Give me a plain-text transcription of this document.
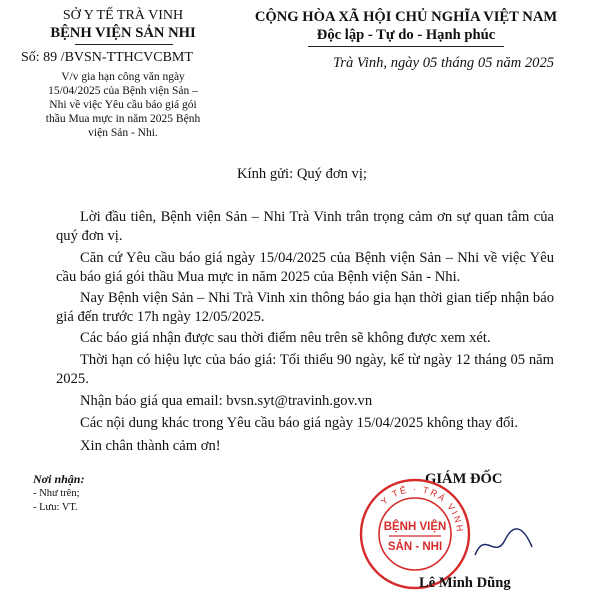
SỞ Y TẾ TRÀ VINH
BỆNH VIỆN SẢN NHI
Số: 89 /BVSN-TTHCVCBMT
V/v gia hạn công văn ngày
15/04/2025 của Bệnh viện Sản –
Nhi về việc Yêu cầu báo giá gói
thầu Mua mực in năm 2025 Bệnh
viện Sản - Nhi.
CỘNG HÒA XÃ HỘI CHỦ NGHĨA VIỆT NAM
Độc lập - Tự do - Hạnh phúc
Trà Vinh, ngày 05 tháng 05 năm 2025
Kính gửi: Quý đơn vị;
Lời đầu tiên, Bệnh viện Sản – Nhi Trà Vinh trân trọng cảm ơn sự quan tâm của quý đơn vị.
Căn cứ Yêu cầu báo giá ngày 15/04/2025 của Bệnh viện Sản – Nhi về việc Yêu cầu báo giá gói thầu Mua mực in năm 2025 của Bệnh viện Sản - Nhi.
Nay Bệnh viện Sản – Nhi Trà Vinh xin thông báo gia hạn thời gian tiếp nhận báo giá đến trước 17h ngày 12/05/2025.
Các báo giá nhận được sau thời điểm nêu trên sẽ không được xem xét.
Thời hạn có hiệu lực của báo giá: Tối thiểu 90 ngày, kể từ ngày 12 tháng 05 năm 2025.
Nhận báo giá qua email: bvsn.syt@travinh.gov.vn
Các nội dung khác trong Yêu cầu báo giá ngày 15/04/2025 không thay đổi.
Xin chân thành cảm ơn!
Nơi nhận:
- Như trên;
- Lưu: VT.
GIÁM ĐỐC
Y TẾ · TRÀ VINH
BỆNH VIỆN
SẢN - NHI
Lê Minh Dũng
